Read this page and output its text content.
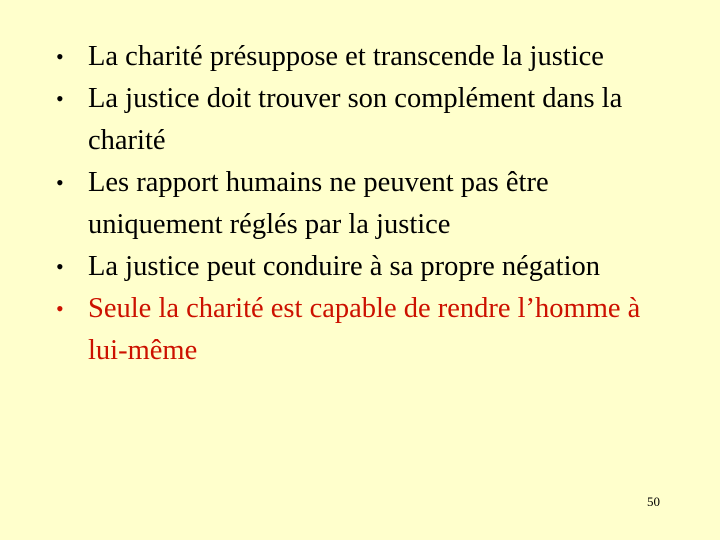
• La charité présuppose et transcende la justice
• La justice doit trouver son complément dans la charité
• Les rapport humains ne peuvent pas être uniquement réglés par la justice
• La justice peut conduire à sa propre négation
• Seule la charité est capable de rendre l’homme à lui-même
50
